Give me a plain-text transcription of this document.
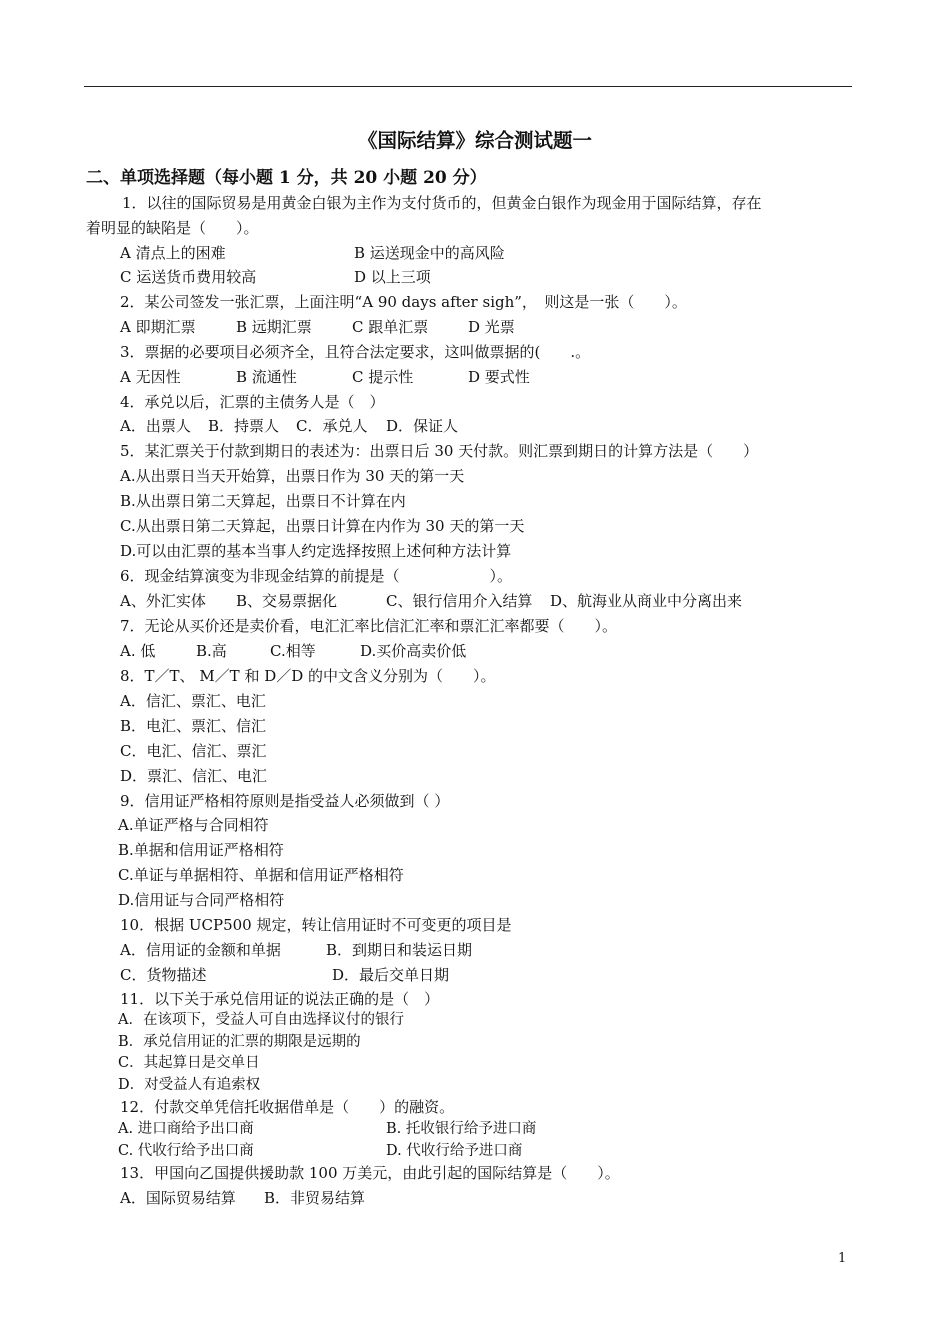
《国际结算》综合测试题一
二、单项选择题（每小题 1 分，共 20 小题 20 分）
1．以往的国际贸易是用黄金白银为主作为支付货币的，但黄金白银作为现金用于国际结算，存在
着明显的缺陷是（　　）。
A 清点上的困难	B 运送现金中的高风险
C 运送货币费用较高	D 以上三项
2．某公司签发一张汇票，上面注明“A 90 days after sigh”，　则这是一张（　　）。
A 即期汇票	B 远期汇票	C 跟单汇票	D 光票
3．票据的必要项目必须齐全，且符合法定要求，这叫做票据的(　　.。
A 无因性	B 流通性	C 提示性	D 要式性
4．承兑以后，汇票的主债务人是（　）
A．出票人 B．持票人 C．承兑人 D．保证人
5．某汇票关于付款到期日的表述为：出票日后 30 天付款。则汇票到期日的计算方法是（　　）
A.从出票日当天开始算，出票日作为 30 天的第一天
B.从出票日第二天算起，出票日不计算在内
C.从出票日第二天算起，出票日计算在内作为 30 天的第一天
D.可以由汇票的基本当事人约定选择按照上述何种方法计算
6．现金结算演变为非现金结算的前提是（　　　　　　）。
A、外汇实体 B、交易票据化	C、银行信用介入结算 D、航海业从商业中分离出来
7．无论从买价还是卖价看，电汇汇率比信汇汇率和票汇汇率都要（　　）。
A. 低	B.高	C.相等	D.买价高卖价低
8．T／T、 M／T 和 D／D 的中文含义分别为（　　）。
A．信汇、票汇、电汇
B．电汇、票汇、信汇
C．电汇、信汇、票汇
D．票汇、信汇、电汇
9．信用证严格相符原则是指受益人必须做到（ ）
A.单证严格与合同相符
B.单据和信用证严格相符
C.单证与单据相符、单据和信用证严格相符
D.信用证与合同严格相符
10．根据 UCP500 规定，转让信用证时不可变更的项目是
A．信用证的金额和单据	B．到期日和装运日期
C．货物描述	D．最后交单日期
11．以下关于承兑信用证的说法正确的是（　）
A．在该项下，受益人可自由选择议付的银行
B．承兑信用证的汇票的期限是远期的
C．其起算日是交单日
D．对受益人有追索权
12．付款交单凭信托收据借单是（　　）的融资。
A. 进口商给予出口商	B. 托收银行给予进口商
C. 代收行给予出口商	D. 代收行给予进口商
13．甲国向乙国提供援助款 100 万美元，由此引起的国际结算是（　　）。
A．国际贸易结算 B．非贸易结算
1
